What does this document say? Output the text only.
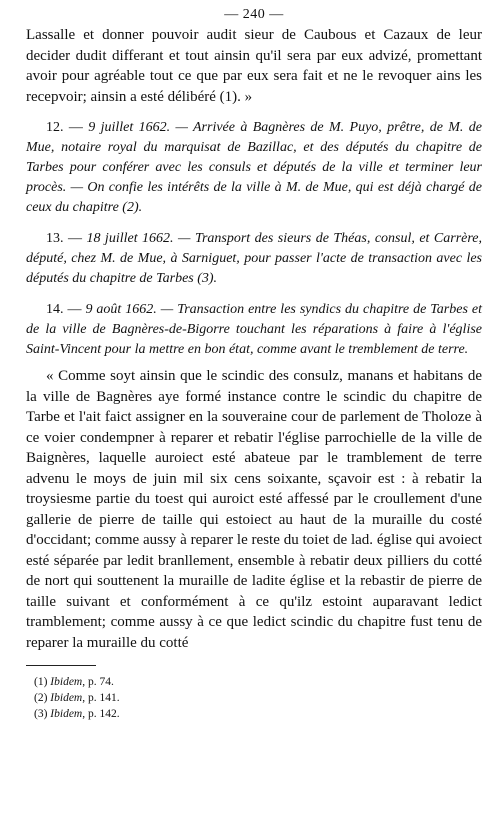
— 240 —

Lassalle et donner pouvoir audit sieur de Caubous et Cazaux de leur decider dudit differant et tout ainsin qu'il sera par eux advizé, promettant avoir pour agréable tout ce que par eux sera fait et ne le revoquer ains les recepvoir; ainsin a esté délibéré (1). »

12. — 9 juillet 1662. — Arrivée à Bagnères de M. Puyo, prêtre, de M. de Mue, notaire royal du marquisat de Bazillac, et des députés du chapitre de Tarbes pour conférer avec les consuls et députés de la ville et terminer leur procès. — On confie les intérêts de la ville à M. de Mue, qui est déjà chargé de ceux du chapitre (2).

13. — 18 juillet 1662. — Transport des sieurs de Théas, consul, et Carrère, député, chez M. de Mue, à Sarniguet, pour passer l'acte de transaction avec les députés du chapitre de Tarbes (3).

14. — 9 août 1662. — Transaction entre les syndics du chapitre de Tarbes et de la ville de Bagnères-de-Bigorre touchant les réparations à faire à l'église Saint-Vincent pour la mettre en bon état, comme avant le tremblement de terre.

« Comme soyt ainsin que le scindic des consulz, manans et habitans de la ville de Bagnères aye formé instance contre le scindic du chapitre de Tarbe et l'ait faict assigner en la souveraine cour de parlement de Tholoze à ce voier condempner à reparer et rebatir l'église parrochielle de la ville de Baignères, laquelle auroiect esté abateue par le tramblement de terre advenu le moys de juin mil six cens soixante, sçavoir est : à rebatir la troysiesme partie du toest qui auroict esté affessé par le croullement d'une gallerie de pierre de taille qui estoiect au haut de la muraille du costé d'occidant; comme aussy à reparer le reste du toiet de lad. église qui avoiect esté séparée par ledit branllement, ensemble à rebatir deux pilliers du cotté de nort qui souttenent la muraille de ladite église et la rebastir de pierre de taille suivant et conformément à ce qu'ilz estoint auparavant ledict tramblement; comme aussy à ce que ledict scindic du chapitre fust tenu de reparer la muraille du cotté

(1) Ibidem, p. 74.
(2) Ibidem, p. 141.
(3) Ibidem, p. 142.
